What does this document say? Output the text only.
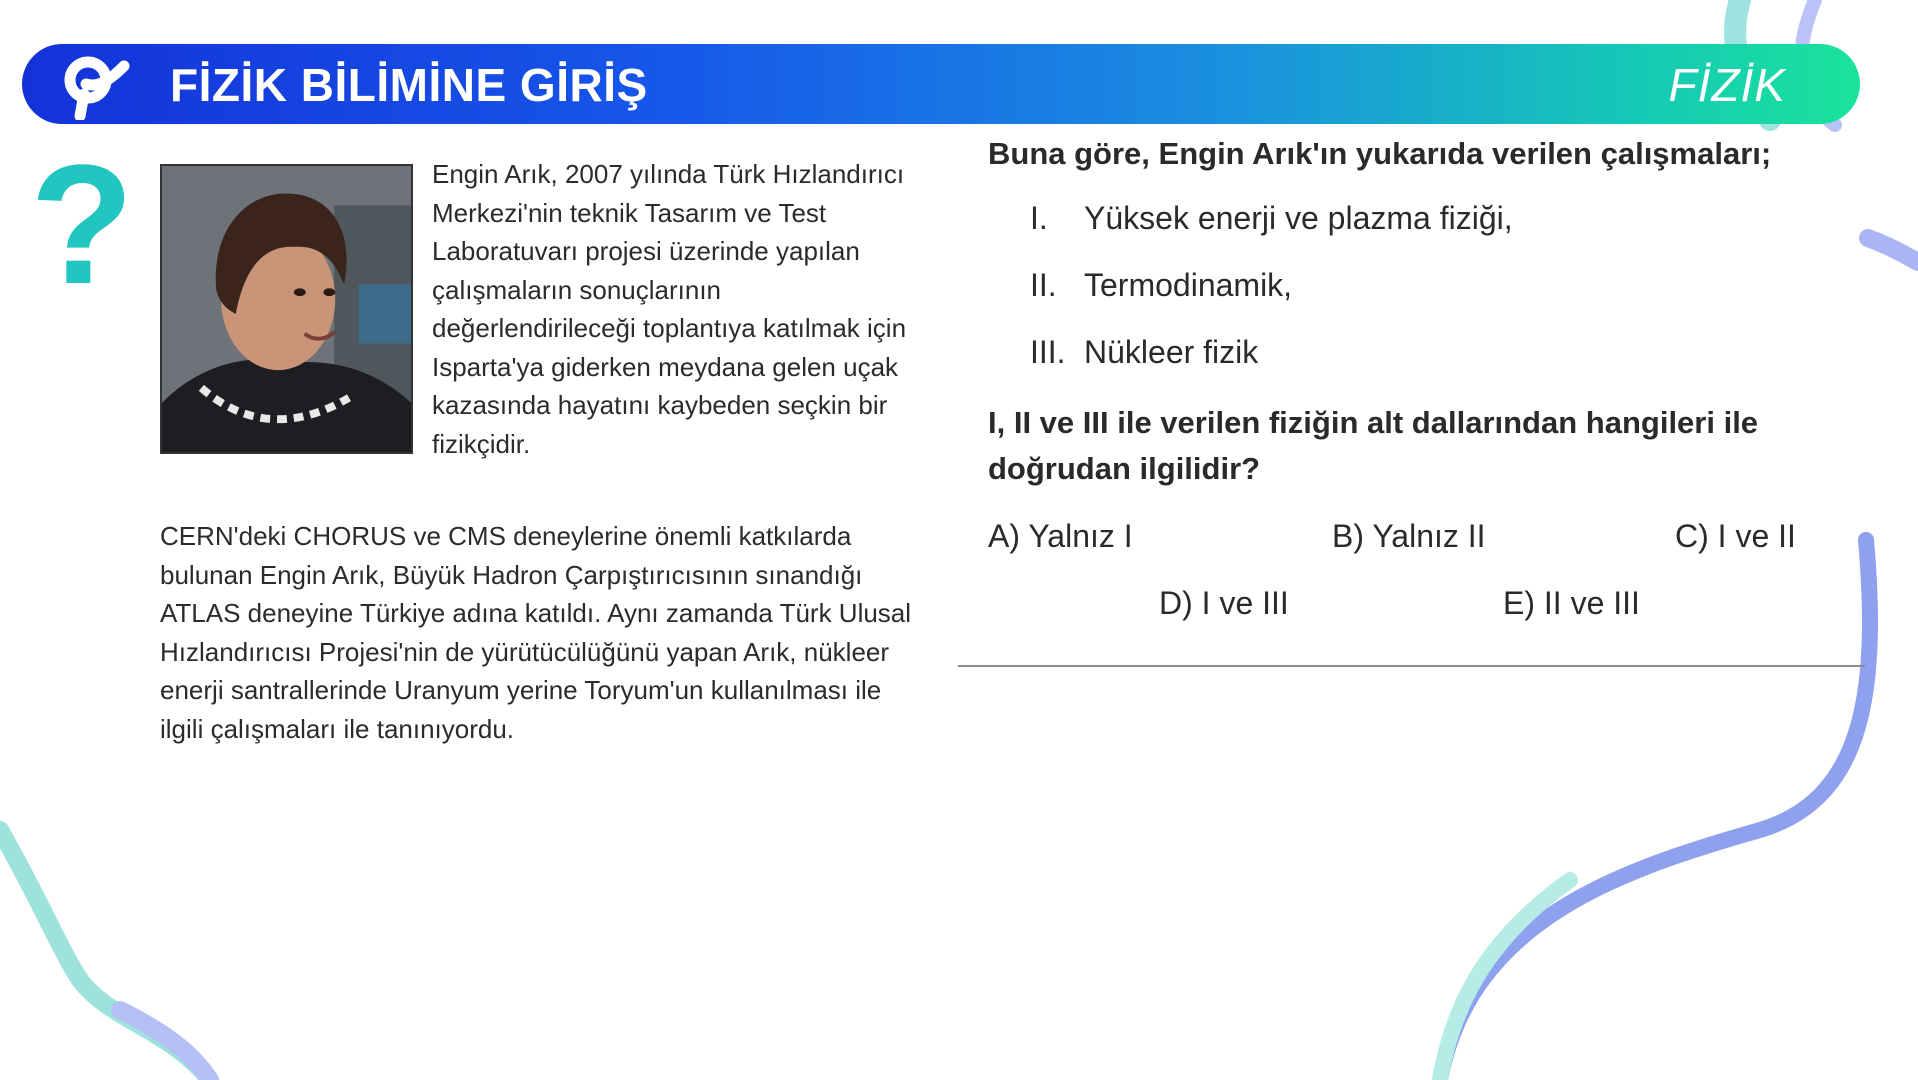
FİZİK BİLİMİNE GİRİŞ	FİZİK
?	Engin Arık, 2007 yılında Türk Hızlandırıcı Merkezi'nin teknik Tasarım ve Test Laboratuvarı projesi üzerinde yapılan çalışmaların sonuçlarının değerlendirileceği toplantıya katılmak için Isparta'ya giderken meydana gelen uçak kazasında hayatını kaybeden seçkin bir fizikçidir.
CERN'deki CHORUS ve CMS deneylerine önemli katkılarda bulunan Engin Arık, Büyük Hadron Çarpıştırıcısının sınandığı ATLAS deneyine Türkiye adına katıldı. Aynı zamanda Türk Ulusal Hızlandırıcısı Projesi'nin de yürütücülüğünü yapan Arık, nükleer enerji santrallerinde Uranyum yerine Toryum'un kullanılması ile ilgili çalışmaları ile tanınıyordu.
Buna göre, Engin Arık'ın yukarıda verilen çalışmaları;
I.	Yüksek enerji ve plazma fiziği,
II. Termodinamik,
III. Nükleer fizik
I, II ve III ile verilen fiziğin alt dallarından hangileri ile doğrudan ilgilidir?
A) Yalnız I	B) Yalnız II	C) I ve II
D) I ve III	E) II ve III
